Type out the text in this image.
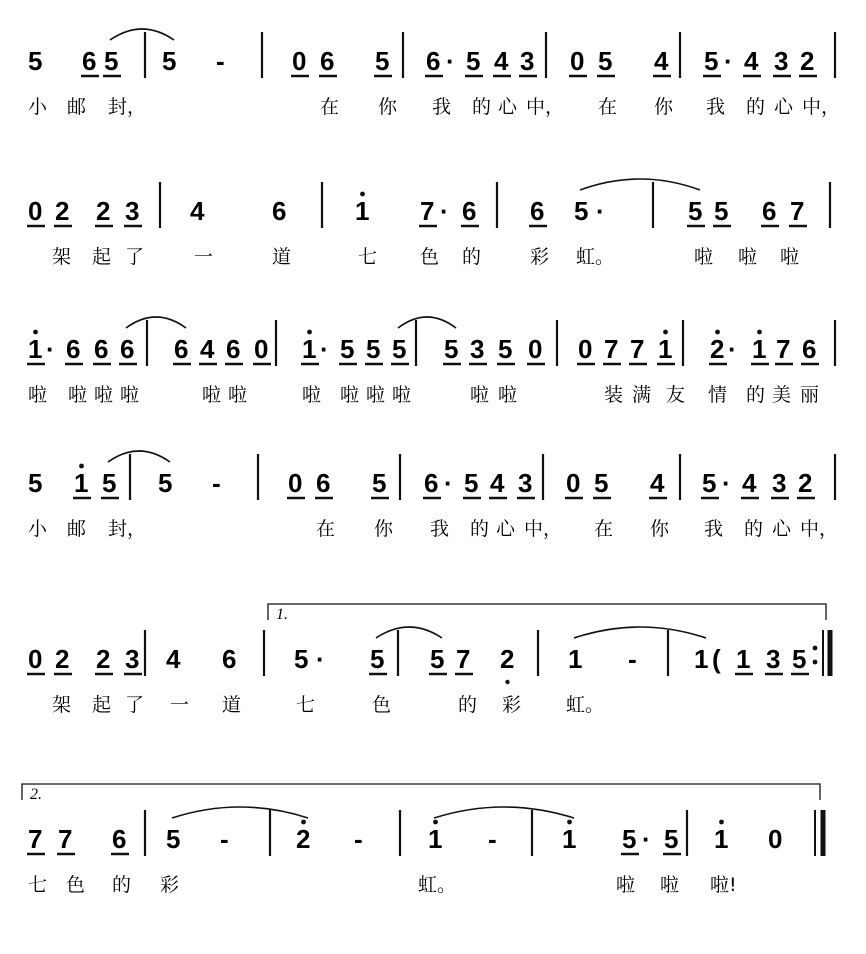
5 6 5 5 -	0 6 5 6 · 5 4 3 0 5 4 5 · 4 3 2
小 邮 封，	在 你 我 的 心 中， 在 你 我 的 心 中，
0 2 2 3 4	6	1 7 · 6 6 5 ·	5 5 6 7
架 起 了	一	道	七 色 的	彩 虹。	啦 啦 啦
1 · 6 6 6 6 4 6 0 1 · 5 5 5 5 3 5 0 0 7 7 1 2 · 1 7 6
啦 啦 啦 啦	啦 啦	啦 啦 啦 啦	啦 啦	装 满 友 情 的 美 丽
5 1 5 5 -	0 6 5 6 · 5 4 3 0 5 4 5 · 4 3 2
小 邮 封，	在 你 我 的 心 中， 在 你 我 的 心 中，
1.
0 2 2 3 4 6 5 · 5 5 7 2 1 - 1 ( 1 3 5
架 起 了 一 道	七	色	的 彩 虹。
2.
7 7 6 5 -	2 -	1 -	1 5 · 5 1 0
七 色 的 彩	虹。	啦 啦 啦!
